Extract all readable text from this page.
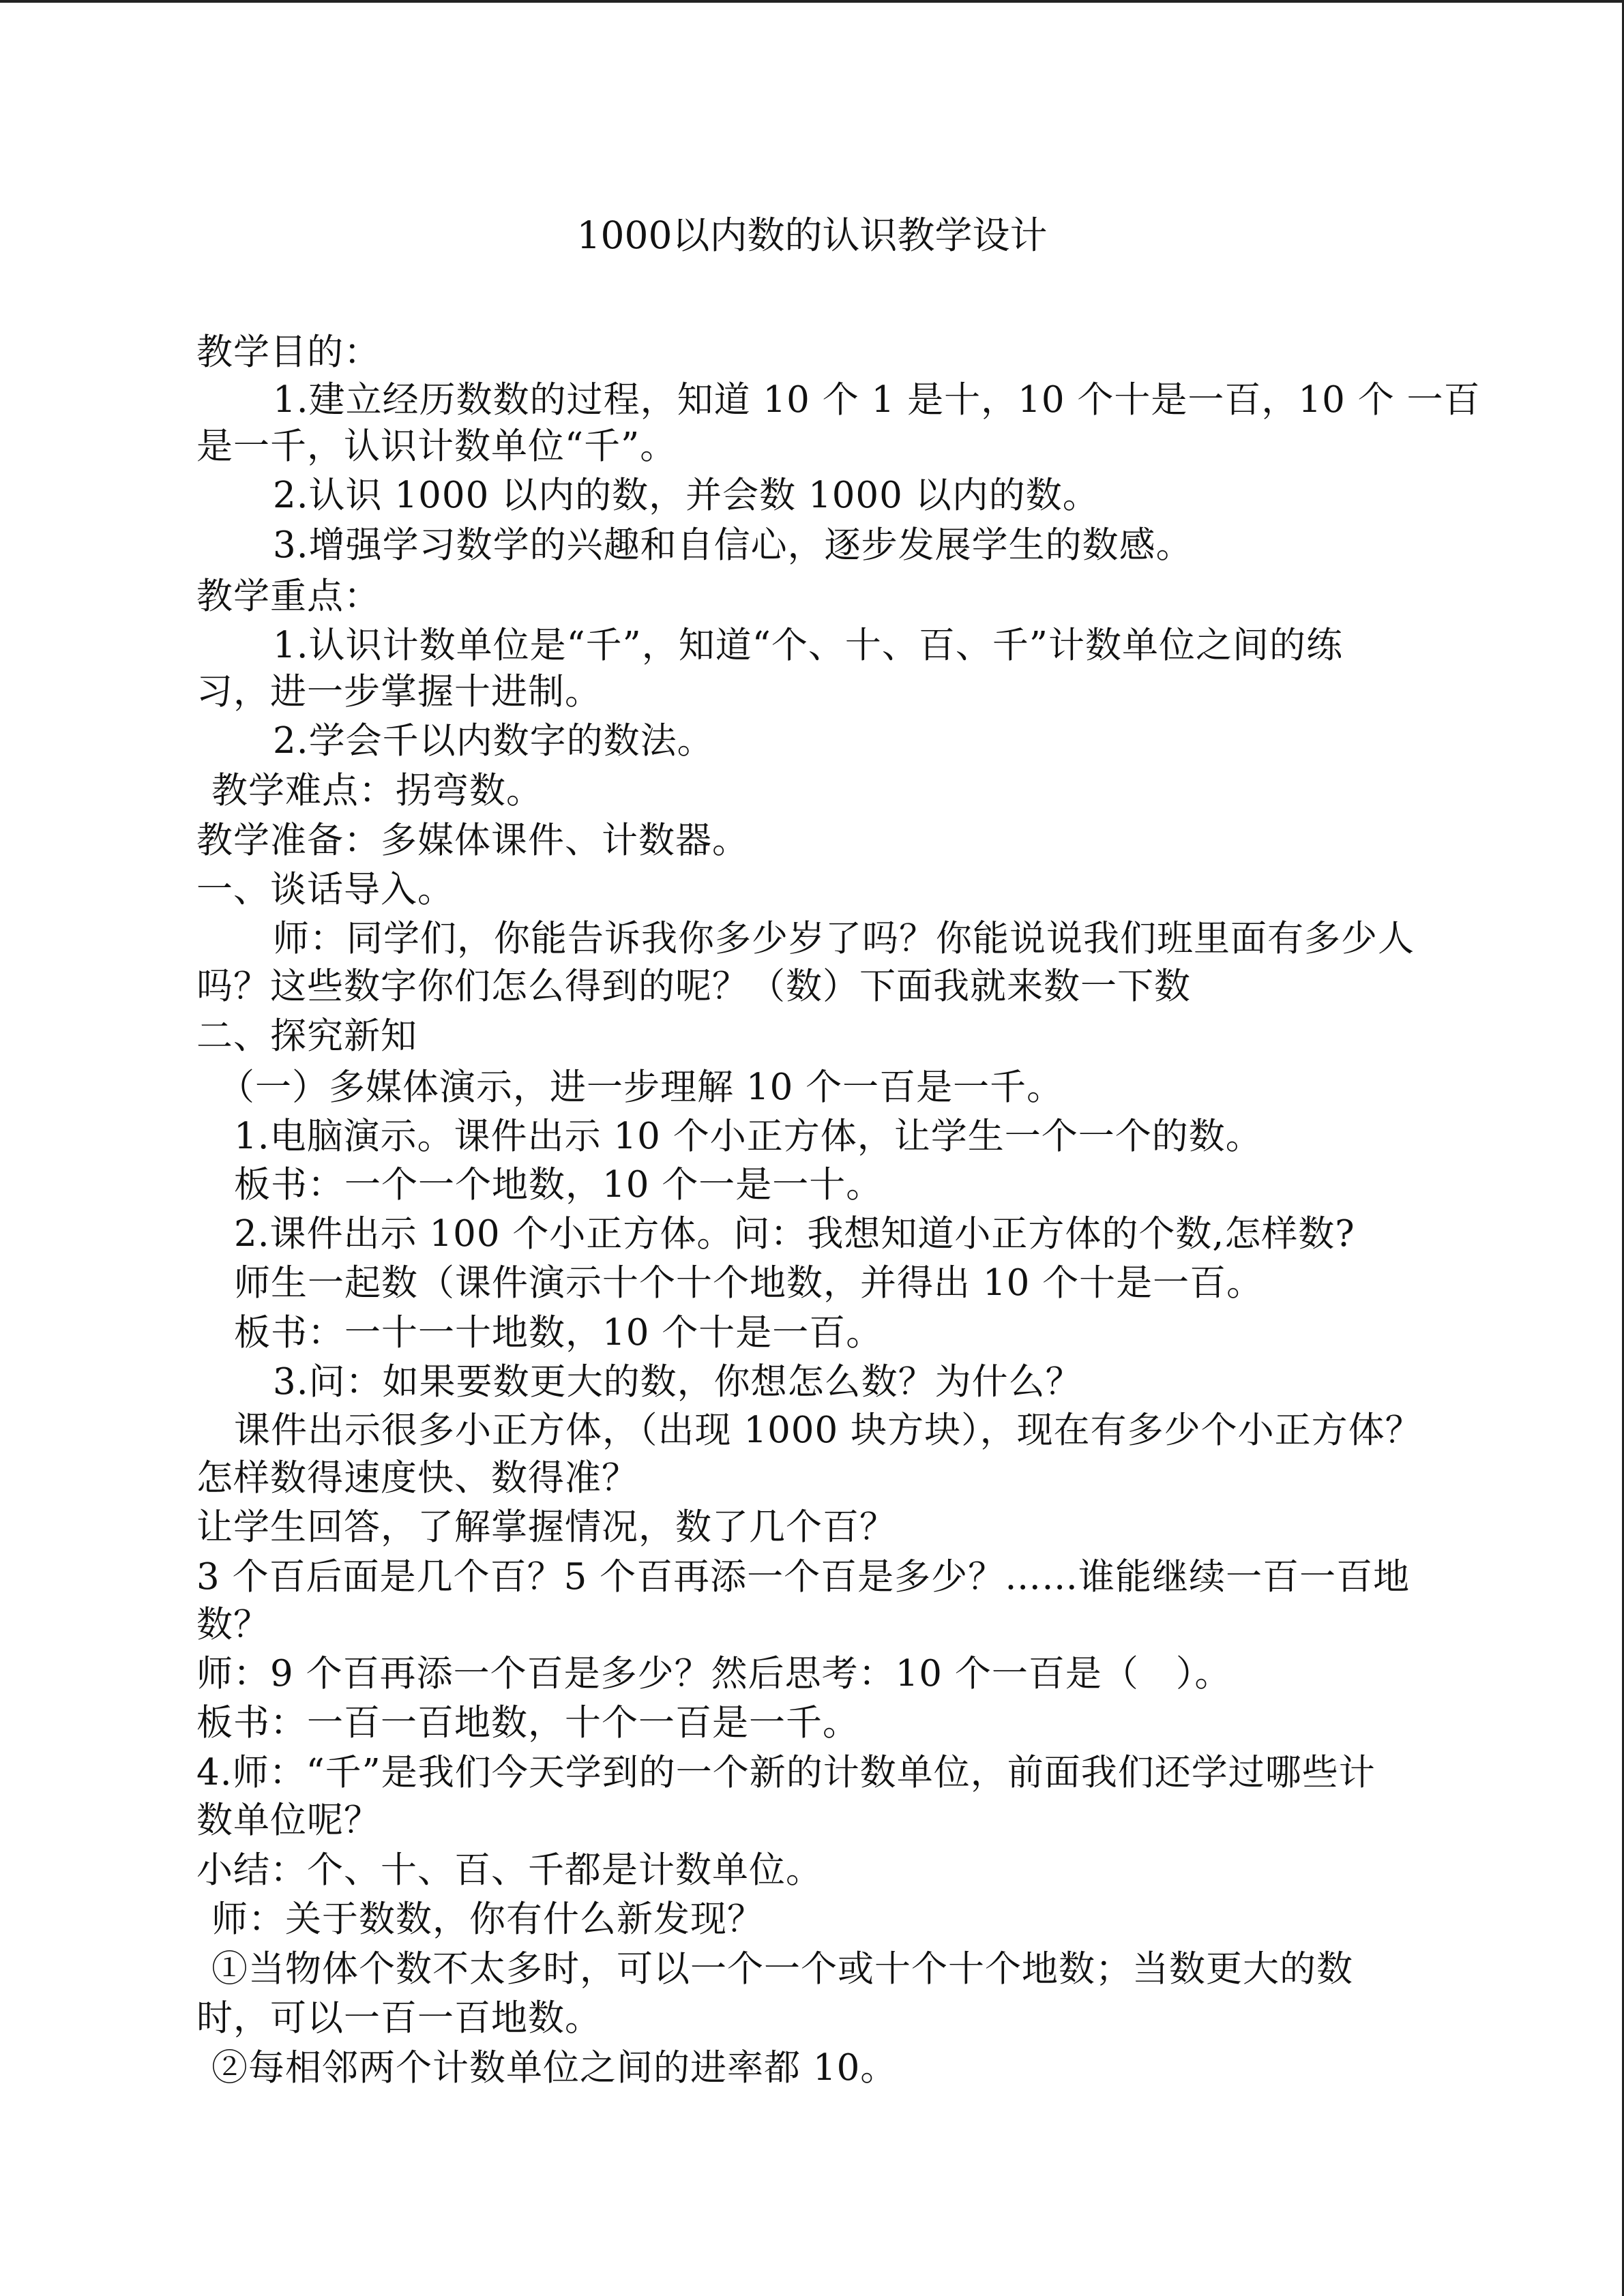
1000以内数的认识教学设计
教学目的：
1.建立经历数数的过程，知道 10 个 1 是十，10 个十是一百，10 个 一百
是一千，认识计数单位“千”。
2.认识 1000 以内的数，并会数 1000 以内的数。
3.增强学习数学的兴趣和自信心，逐步发展学生的数感。
教学重点：
1.认识计数单位是“千”，知道“个、十、百、千”计数单位之间的练
习，进一步掌握十进制。
2.学会千以内数字的数法。
教学难点：拐弯数。
教学准备：多媒体课件、计数器。
一、谈话导入。
师：同学们，你能告诉我你多少岁了吗？你能说说我们班里面有多少人
吗？这些数字你们怎么得到的呢？（数）下面我就来数一下数
二、探究新知
（一）多媒体演示，进一步理解 10 个一百是一千。
1.电脑演示。课件出示 10 个小正方体，让学生一个一个的数。
板书：一个一个地数，10 个一是一十。
2.课件出示 100 个小正方体。问：我想知道小正方体的个数,怎样数?
师生一起数（课件演示十个十个地数，并得出 10 个十是一百。
板书：一十一十地数，10 个十是一百。
3.问：如果要数更大的数，你想怎么数？为什么？
课件出示很多小正方体，（出现 1000 块方块），现在有多少个小正方体？
怎样数得速度快、数得准？
让学生回答，了解掌握情况，数了几个百？
3 个百后面是几个百？5 个百再添一个百是多少？……谁能继续一百一百地
数？
师：9 个百再添一个百是多少？然后思考：10 个一百是（　）。
板书：一百一百地数，十个一百是一千。
4.师：“千”是我们今天学到的一个新的计数单位，前面我们还学过哪些计
数单位呢？
小结：个、十、百、千都是计数单位。
师：关于数数，你有什么新发现？
①当物体个数不太多时，可以一个一个或十个十个地数；当数更大的数
时，可以一百一百地数。
②每相邻两个计数单位之间的进率都 10。
